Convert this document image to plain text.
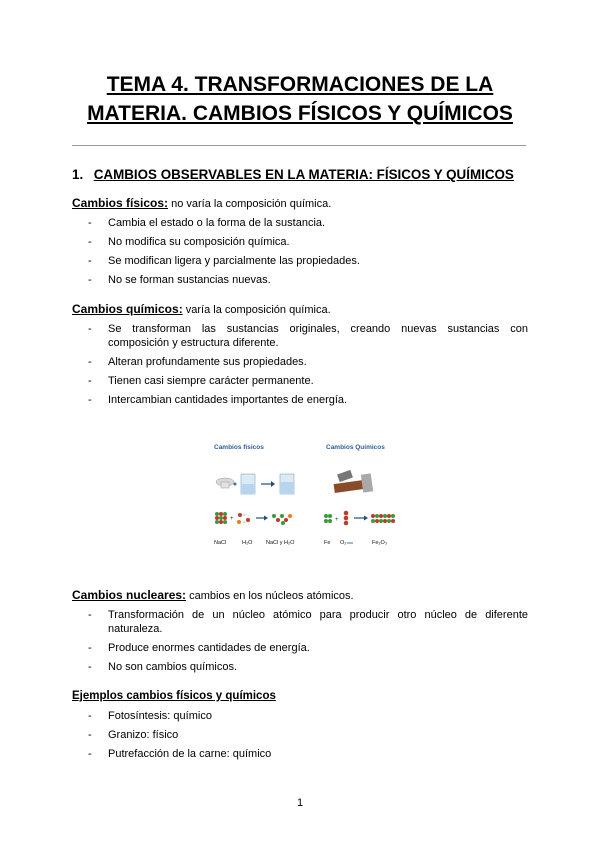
TEMA 4. TRANSFORMACIONES DE LA
MATERIA. CAMBIOS FÍSICOS Y QUÍMICOS
1. CAMBIOS OBSERVABLES EN LA MATERIA: FÍSICOS Y QUÍMICOS
Cambios físicos: no varía la composición química.
- Cambia el estado o la forma de la sustancia.
- No modifica su composición química.
- Se modifican ligera y parcialmente las propiedades.
- No se forman sustancias nuevas.
Cambios químicos: varía la composición química.
- Se transforman las sustancias originales, creando nuevas sustancias con composición y estructura diferente.
- Alteran profundamente sus propiedades.
- Tienen casi siempre carácter permanente.
- Intercambian cantidades importantes de energía.
Cambios físicos	Cambios Químicos
+	+
NaCl	H₂O NaCl y H₂O	Fe O₂	Fe₂O₃
Cambios nucleares: cambios en los núcleos atómicos.
- Transformación de un núcleo atómico para producir otro núcleo de diferente naturaleza.
- Produce enormes cantidades de energía.
- No son cambios químicos.
Ejemplos cambios físicos y químicos
- Fotosíntesis: químico
- Granizo: físico
- Putrefacción de la carne: químico
1
